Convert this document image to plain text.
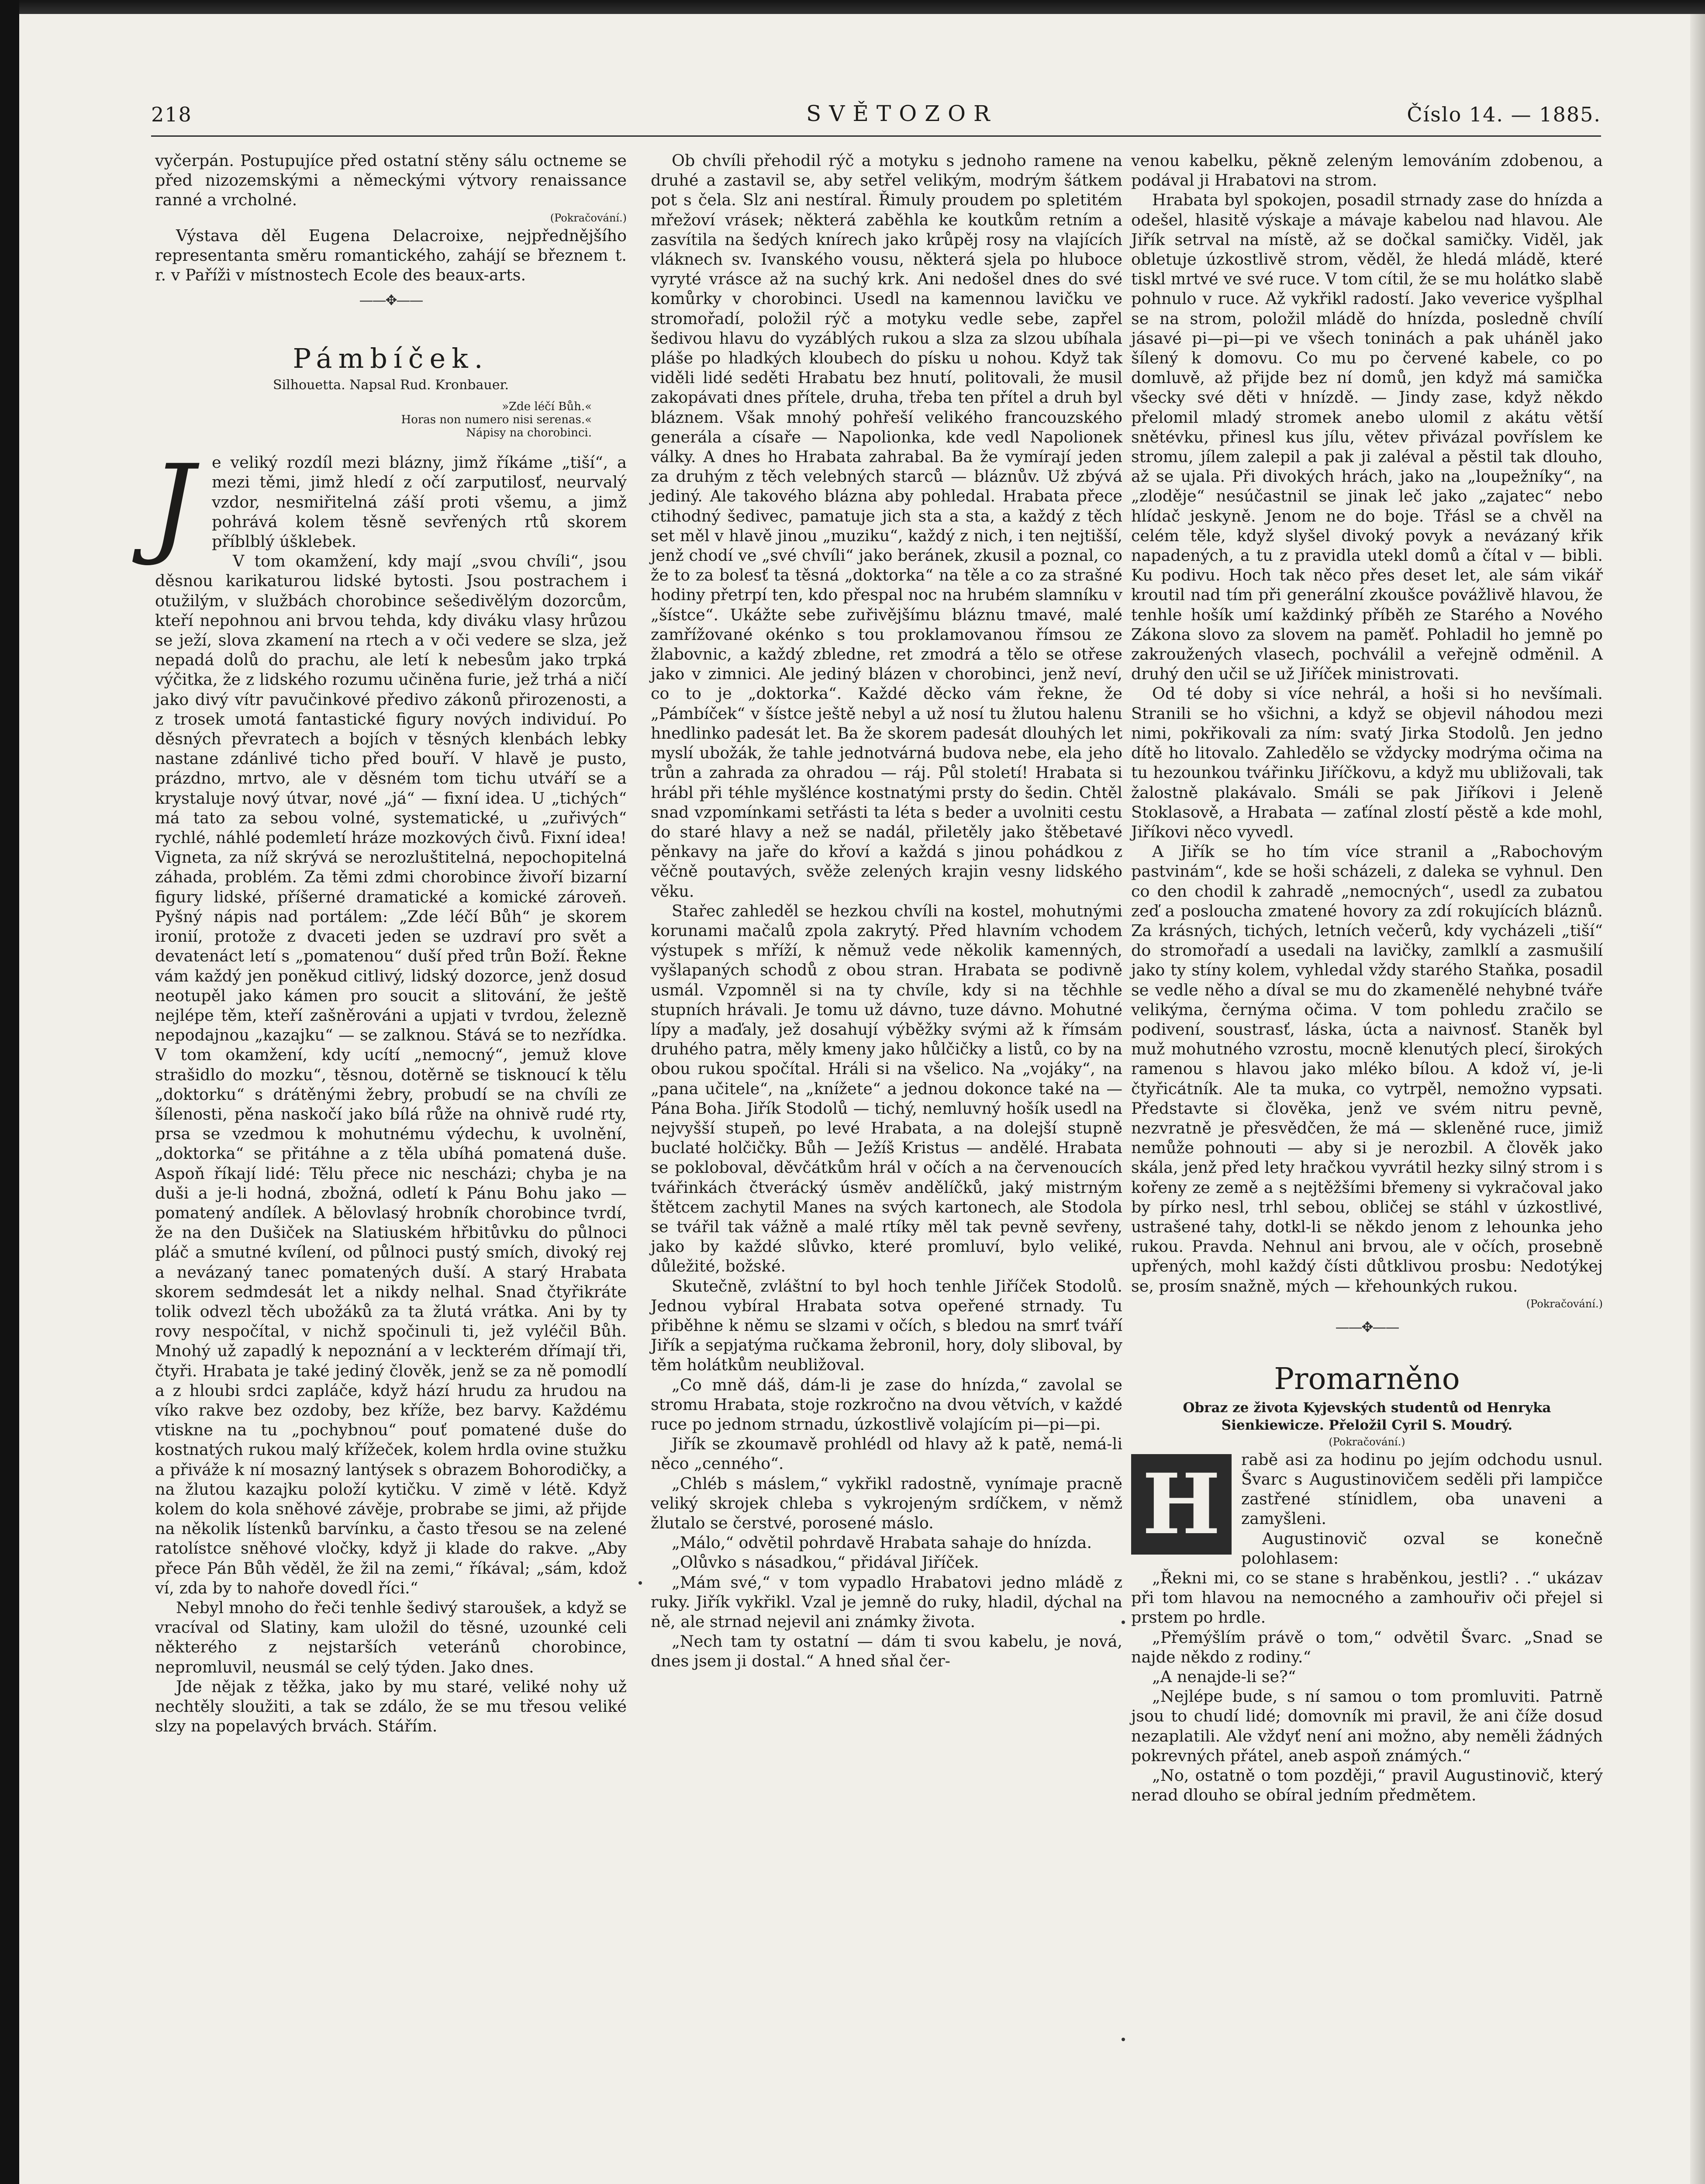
218	SVĚTOZOR	Číslo 14. — 1885.

vyčerpán. Postupujíce před ostatní stěny sálu octneme se před nizozemskými a německými výtvory renaissance ranné a vrcholné.

(Pokračování.)

Výstava děl Eugena Delacroixe, nejpřednějšího representanta směru romantického, zahájí se březnem t. r. v Paříži v místnostech Ecole des beaux-arts.

——✥——
Pámbíček.
Silhouetta. Napsal Rud. Kronbauer.
»Zde léčí Bůh.«
Horas non numero nisi serenas.«
Nápisy na chorobinci.
J	e veliký rozdíl mezi blázny, jimž říkáme „tiší“, a mezi těmi, jimž hledí z očí zarputilosť, neurvalý vzdor, nesmiřitelná záší proti všemu, a jimž pohrává kolem těsně sevřených rtů skorem příblblý úšklebek.

V tom okamžení, kdy mají „svou chvíli“, jsou děsnou karikaturou lidské bytosti. Jsou postrachem i otužilým, v službách chorobince sešedivělým dozorcům, kteří nepohnou ani brvou tehda, kdy diváku vlasy hrůzou se ježí, slova zkamení na rtech a v oči vedere se slza, jež nepadá dolů do prachu, ale letí k nebesům jako trpká výčitka, že z lidského rozumu učiněna furie, jež trhá a ničí jako divý vítr pavučinkové předivo zákonů přirozenosti, a z trosek umotá fantastické figury nových individuí. Po děsných převratech a bojích v těsných klenbách lebky nastane zdánlivé ticho před bouří. V hlavě je pusto, prázdno, mrtvo, ale v děsném tom tichu utváří se a krystaluje nový útvar, nové „já“ — fixní idea. U „tichých“ má tato za sebou volné, systematické, u „zuřivých“ rychlé, náhlé podemletí hráze mozkových čivů. Fixní idea! Vigneta, za níž skrývá se nerozluštitelná, nepochopitelná záhada, problém. Za těmi zdmi chorobince živoří bizarní figury lidské, příšerné dramatické a komické zároveň. Pyšný nápis nad portálem: „Zde léčí Bůh“ je skorem ironií, protože z dvaceti jeden se uzdraví pro svět a devatenáct letí s „pomatenou“ duší před trůn Boží. Řekne vám každý jen poněkud citlivý, lidský dozorce, jenž dosud neotupěl jako kámen pro soucit a slitování, že ještě nejlépe těm, kteří zašněrováni a upjati v tvrdou, železně nepodajnou „kazajku“ — se zalknou. Stává se to nezřídka. V tom okamžení, kdy ucítí „nemocný“, jemuž klove strašidlo do mozku“, těsnou, dotěrně se tisknoucí k tělu „doktorku“ s drátěnými žebry, probudí se na chvíli ze šílenosti, pěna naskočí jako bílá růže na ohnivě rudé rty, prsa se vzedmou k mohutnému výdechu, k uvolnění, „doktorka“ se přitáhne a z těla ubíhá pomatená duše. Aspoň říkají lidé: Tělu přece nic nescházi; chyba je na duši a je-li hodná, zbožná, odletí k Pánu Bohu jako — pomatený andílek. A bělovlasý hrobník chorobince tvrdí, že na den Dušiček na Slatiuském hřbitůvku do půlnoci pláč a smutné kvílení, od půlnoci pustý smích, divoký rej a nevázaný tanec pomatených duší. A starý Hrabata skorem sedmdesát let a nikdy nelhal. Snad čtyřikráte tolik odvezl těch ubožáků za ta žlutá vrátka. Ani by ty rovy nespočítal, v nichž spočinuli ti, jež vyléčil Bůh. Mnohý už zapadlý k nepoznání a v leckterém dřímají tři, čtyři. Hrabata je také jediný člověk, jenž se za ně pomodlí a z hloubi srdci zapláče, když hází hrudu za hrudou na víko rakve bez ozdoby, bez kříže, bez barvy. Každému vtiskne na tu „pochybnou“ pouť pomatené duše do kostnatých rukou malý křížeček, kolem hrdla ovine stužku a přiváže k ní mosazný lantýsek s obrazem Bohorodičky, a na žlutou kazajku položí kytičku. V zimě v létě. Když kolem do kola sněhové závěje, probrabe se jimi, až přijde na několik lístenků barvínku, a často třesou se na zelené ratolístce sněhové vločky, když ji klade do rakve. „Aby přece Pán Bůh věděl, že žil na zemi,“ říkával; „sám, kdož ví, zda by to nahoře dovedl říci.“

Nebyl mnoho do řeči tenhle šedivý staroušek, a když se vracíval od Slatiny, kam uložil do těsné, uzounké celi některého z nejstarších veteránů chorobince, nepromluvil, neusmál se celý týden. Jako dnes.

Jde nějak z těžka, jako by mu staré, veliké nohy už nechtěly sloužiti, a tak se zdálo, že se mu třesou veliké slzy na popelavých brvách. Stářím.

Ob chvíli přehodil rýč a motyku s jednoho ramene na druhé a zastavil se, aby setřel velikým, modrým šátkem pot s čela. Slz ani nestíral. Řimuly proudem po spletitém mřežoví vrásek; některá zaběhla ke koutkům retním a zasvítila na šedých knírech jako krůpěj rosy na vlajících vláknech sv. Ivanského vousu, některá sjela po hluboce vyryté vrásce až na suchý krk. Ani nedošel dnes do své komůrky v chorobinci. Usedl na kamennou lavičku ve stromořadí, položil rýč a motyku vedle sebe, zapřel šedivou hlavu do vyzáblých rukou a slza za slzou ubíhala pláše po hladkých kloubech do písku u nohou. Když tak viděli lidé seděti Hrabatu bez hnutí, politovali, že musil zakopávati dnes přítele, druha, třeba ten přítel a druh byl bláznem. Však mnohý pohřeší velikého francouzského generála a císaře — Napolionka, kde vedl Napolionek války. A dnes ho Hrabata zahrabal. Ba že vymírají jeden za druhým z těch velebných starců — bláznův. Už zbývá jediný. Ale takového blázna aby pohledal. Hrabata přece ctihodný šedivec, pamatuje jich sta a sta, a každý z těch set měl v hlavě jinou „muziku“, každý z nich, i ten nejtišší, jenž chodí ve „své chvíli“ jako beránek, zkusil a poznal, co že to za bolesť ta těsná „doktorka“ na těle a co za strašné hodiny přetrpí ten, kdo přespal noc na hrubém slamníku v „šístce“. Ukážte sebe zuřivějšímu bláznu tmavé, malé zamřížované okénko s tou proklamovanou římsou ze žlabovnic, a každý zbledne, ret zmodrá a tělo se otřese jako v zimnici. Ale jediný blázen v chorobinci, jenž neví, co to je „doktorka“. Každé děcko vám řekne, že „Pámbíček“ v šístce ještě nebyl a už nosí tu žlutou halenu hnedlinko padesát let. Ba že skorem padesát dlouhých let myslí ubožák, že tahle jednotvárná budova nebe, ela jeho trůn a zahrada za ohradou — ráj. Půl století! Hrabata si hrábl při téhle myšlénce kostnatými prsty do šedin. Chtěl snad vzpomínkami setřásti ta léta s beder a uvolniti cestu do staré hlavy a než se nadál, přiletěly jako štěbetavé pěnkavy na jaře do křoví a každá s jinou pohádkou z věčně poutavých, svěže zelených krajin vesny lidského věku.

Stařec zahleděl se hezkou chvíli na kostel, mohutnými korunami mačalů zpola zakrytý. Před hlavním vchodem výstupek s mříží, k němuž vede několik kamenných, vyšlapaných schodů z obou stran. Hrabata se podivně usmál. Vzpomněl si na ty chvíle, kdy si na těchhle stupních hrávali. Je tomu už dávno, tuze dávno. Mohutné lípy a maďaly, jež dosahují výběžky svými až k římsám druhého patra, měly kmeny jako hůlčičky a listů, co by na obou rukou spočítal. Hráli si na všelico. Na „vojáky“, na „pana učitele“, na „knížete“ a jednou dokonce také na — Pána Boha. Jiřík Stodolů — tichý, nemluvný hošík usedl na nejvyšší stupeň, po levé Hrabata, a na dolejší stupně buclaté holčičky. Bůh — Ježíš Kristus — andělé. Hrabata se pokloboval, děvčátkům hrál v očích a na červenoucích tvářinkách čtverácký úsměv andělíčků, jaký mistrným štětcem zachytil Manes na svých kartonech, ale Stodola se tvářil tak vážně a malé rtíky měl tak pevně sevřeny, jako by každé slůvko, které promluví, bylo veliké, důležité, božské.

Skutečně, zvláštní to byl hoch tenhle Jiříček Stodolů. Jednou vybíral Hrabata sotva opeřené strnady. Tu přiběhne k němu se slzami v očích, s bledou na smrť tváří Jiřík a sepjatýma ručkama žebronil, hory, doly sliboval, by těm holátkům neubližoval.

„Co mně dáš, dám-li je zase do hnízda,“ zavolal se stromu Hrabata, stoje rozkročno na dvou větvích, v každé ruce po jednom strnadu, úzkostlivě volajícím pi—pi—pi.

Jiřík se zkoumavě prohlédl od hlavy až k patě, nemá-li něco „cenného“.

„Chléb s máslem,“ vykřikl radostně, vynímaje pracně veliký skrojek chleba s vykrojeným srdíčkem, v němž žlutalo se čerstvé, porosené máslo.

„Málo,“ odvětil pohrdavě Hrabata sahaje do hnízda.

„Olůvko s násadkou,“ přidával Jiříček.

„Mám své,“ v tom vypadlo Hrabatovi jedno mládě z ruky. Jiřík vykřikl. Vzal je jemně do ruky, hladil, dýchal na ně, ale strnad nejevil ani známky života.

„Nech tam ty ostatní — dám ti svou kabelu, je nová, dnes jsem ji dostal.“ A hned sňal čer-

venou kabelku, pěkně zeleným lemováním zdobenou, a podával ji Hrabatovi na strom.

Hrabata byl spokojen, posadil strnady zase do hnízda a odešel, hlasitě výskaje a mávaje kabelou nad hlavou. Ale Jiřík setrval na místě, až se dočkal samičky. Viděl, jak obletuje úzkostlivě strom, věděl, že hledá mládě, které tiskl mrtvé ve své ruce. V tom cítil, že se mu holátko slabě pohnulo v ruce. Až vykřikl radostí. Jako veverice vyšplhal se na strom, položil mládě do hnízda, posledně chvílí jásavé pi—pi—pi ve všech toninách a pak uháněl jako šílený k domovu. Co mu po červené kabele, co po domluvě, až přijde bez ní domů, jen když má samička všecky své děti v hnízdě. — Jindy zase, když někdo přelomil mladý stromek anebo ulomil z akátu větší snětévku, přinesl kus jílu, větev přivázal povříslem ke stromu, jílem zalepil a pak ji zaléval a pěstil tak dlouho, až se ujala. Při divokých hrách, jako na „loupežníky“, na „zloděje“ nesúčastnil se jinak leč jako „zajatec“ nebo hlídač jeskyně. Jenom ne do boje. Třásl se a chvěl na celém těle, když slyšel divoký povyk a nevázaný křik napadených, a tu z pravidla utekl domů a čítal v — bibli. Ku podivu. Hoch tak něco přes deset let, ale sám vikář kroutil nad tím při generální zkoušce povážlivě hlavou, že tenhle hošík umí každinký příběh ze Starého a Nového Zákona slovo za slovem na paměť. Pohladil ho jemně po zakroužených vlasech, pochválil a veřejně odměnil. A druhý den učil se už Jiříček ministrovati.

Od té doby si více nehrál, a hoši si ho nevšímali. Stranili se ho všichni, a když se objevil náhodou mezi nimi, pokřikovali za ním: svatý Jirka Stodolů. Jen jedno dítě ho litovalo. Zahledělo se vždycky modrýma očima na tu hezounkou tvářinku Jiříčkovu, a když mu ubližovali, tak žalostně plakávalo. Smáli se pak Jiříkovi i Jeleně Stoklasově, a Hrabata — zaťínal zlostí pěstě a kde mohl, Jiříkovi něco vyvedl.

A Jiřík se ho tím více stranil a „Rabochovým pastvinám“, kde se hoši scházeli, z daleka se vyhnul. Den co den chodil k zahradě „nemocných“, usedl za zubatou zeď a posloucha zmatené hovory za zdí rokujících bláznů. Za krásných, tichých, letních večerů, kdy vycházeli „tiší“ do stromořadí a usedali na lavičky, zamlklí a zasmušilí jako ty stíny kolem, vyhledal vždy starého Staňka, posadil se vedle něho a díval se mu do zkamenělé nehybné tváře velikýma, černýma očima. V tom pohledu zračilo se podivení, soustrasť, láska, úcta a naivnosť. Staněk byl muž mohutného vzrostu, mocně klenutých plecí, širokých ramenou s hlavou jako mléko bílou. A kdož ví, je-li čtyřicátník. Ale ta muka, co vytrpěl, nemožno vypsati. Představte si člověka, jenž ve svém nitru pevně, nezvratně je přesvědčen, že má — skleněné ruce, jimiž nemůže pohnouti — aby si je nerozbil. A člověk jako skála, jenž před lety hračkou vyvrátil hezky silný strom i s kořeny ze země a s nejtěžšími břemeny si vykračoval jako by pírko nesl, trhl sebou, obličej se stáhl v úzkostlivé, ustrašené tahy, dotkl-li se někdo jenom z lehounka jeho rukou. Pravda. Nehnul ani brvou, ale v očích, prosebně upřených, mohl každý čísti důtklivou prosbu: Nedotýkej se, prosím snažně, mých — křehounkých rukou.

(Pokračování.)
——✥——
Promarněno
Obraz ze života Kyjevských studentů od Henryka Sienkiewicze. Přeložil Cyril S. Moudrý.
(Pokračování.)
H	rabě asi za hodinu po jejím odchodu usnul. Švarc s Augustinovičem seděli při lampičce zastřené stínidlem, oba unaveni a zamyšleni.

Augustinovič ozval se konečně polohlasem:

„Řekni mi, co se stane s hraběnkou, jestli? . .“ ukázav při tom hlavou na nemocného a zamhouřiv oči přejel si prstem po hrdle.

„Přemýšlím právě o tom,“ odvětil Švarc. „Snad se najde někdo z rodiny.“

„A nenajde-li se?“

„Nejlépe bude, s ní samou o tom promluviti. Patrně jsou to chudí lidé; domovník mi pravil, že ani číže dosud nezaplatili. Ale vždyť není ani možno, aby neměli žádných pokrevných přátel, aneb aspoň známých.“

„No, ostatně o tom později,“ pravil Augustinovič, který nerad dlouho se obíral jedním předmětem.
